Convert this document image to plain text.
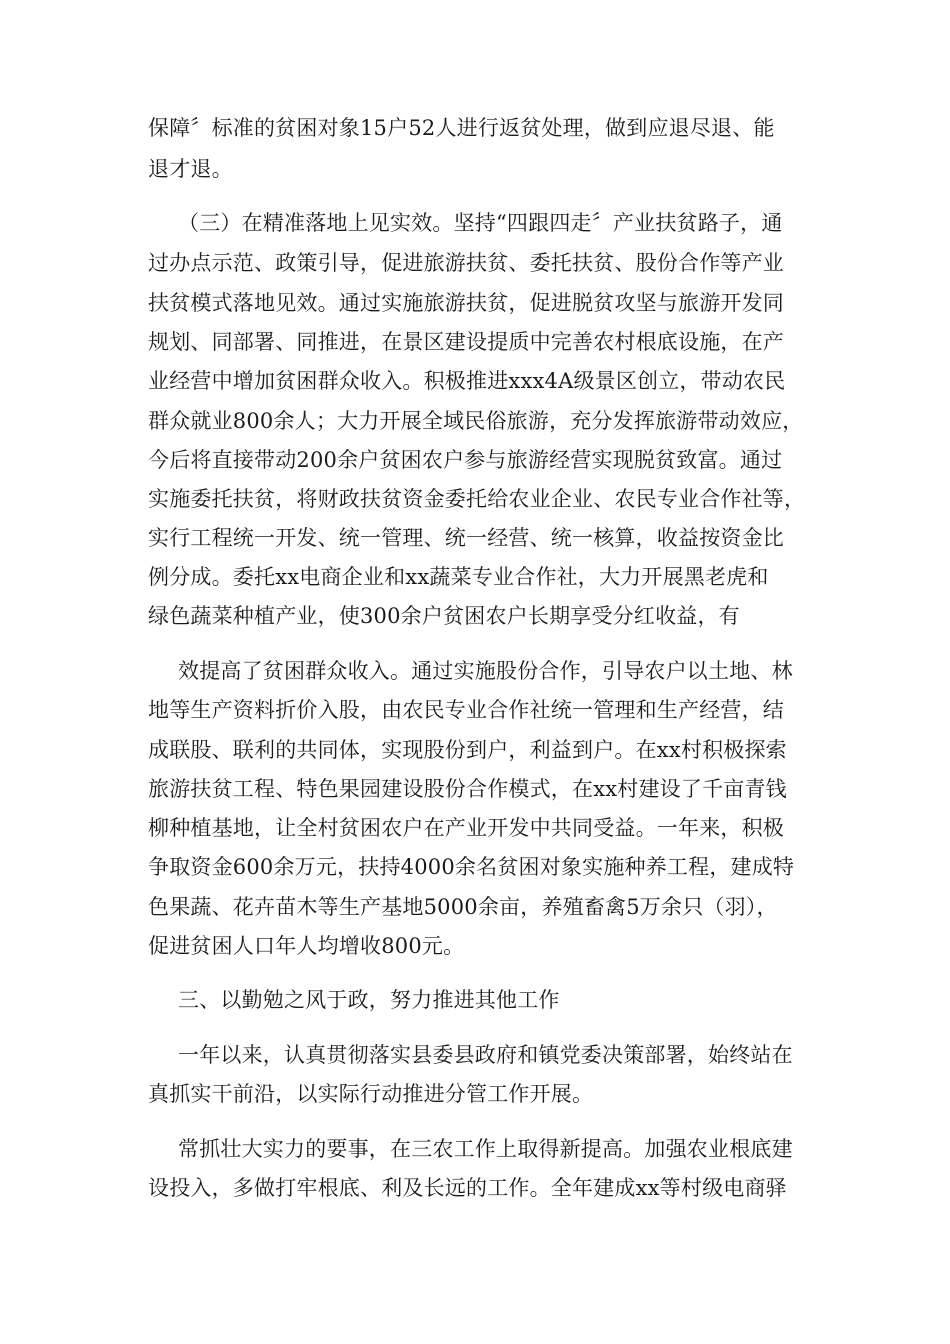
保障〞标准的贫困对象15户52人进行返贫处理，做到应退尽退、能
退才退。
（三）在精准落地上见实效。坚持“四跟四走〞产业扶贫路子，通
过办点示范、政策引导，促进旅游扶贫、委托扶贫、股份合作等产业
扶贫模式落地见效。通过实施旅游扶贫，促进脱贫攻坚与旅游开发同
规划、同部署、同推进，在景区建设提质中完善农村根底设施，在产
业经营中增加贫困群众收入。积极推进xxx4A级景区创立，带动农民
群众就业800余人；大力开展全域民俗旅游，充分发挥旅游带动效应，
今后将直接带动200余户贫困农户参与旅游经营实现脱贫致富。通过
实施委托扶贫，将财政扶贫资金委托给农业企业、农民专业合作社等，
实行工程统一开发、统一管理、统一经营、统一核算，收益按资金比
例分成。委托xx电商企业和xx蔬菜专业合作社，大力开展黑老虎和
绿色蔬菜种植产业，使300余户贫困农户长期享受分红收益，有
效提高了贫困群众收入。通过实施股份合作，引导农户以土地、林
地等生产资料折价入股，由农民专业合作社统一管理和生产经营，结
成联股、联利的共同体，实现股份到户，利益到户。在xx村积极探索
旅游扶贫工程、特色果园建设股份合作模式，在xx村建设了千亩青钱
柳种植基地，让全村贫困农户在产业开发中共同受益。一年来，积极
争取资金600余万元，扶持4000余名贫困对象实施种养工程，建成特
色果蔬、花卉苗木等生产基地5000余亩，养殖畜禽5万余只（羽），
促进贫困人口年人均增收800元。
三、以勤勉之风于政，努力推进其他工作
一年以来，认真贯彻落实县委县政府和镇党委决策部署，始终站在
真抓实干前沿，以实际行动推进分管工作开展。
常抓壮大实力的要事，在三农工作上取得新提高。加强农业根底建
设投入，多做打牢根底、利及长远的工作。全年建成xx等村级电商驿
